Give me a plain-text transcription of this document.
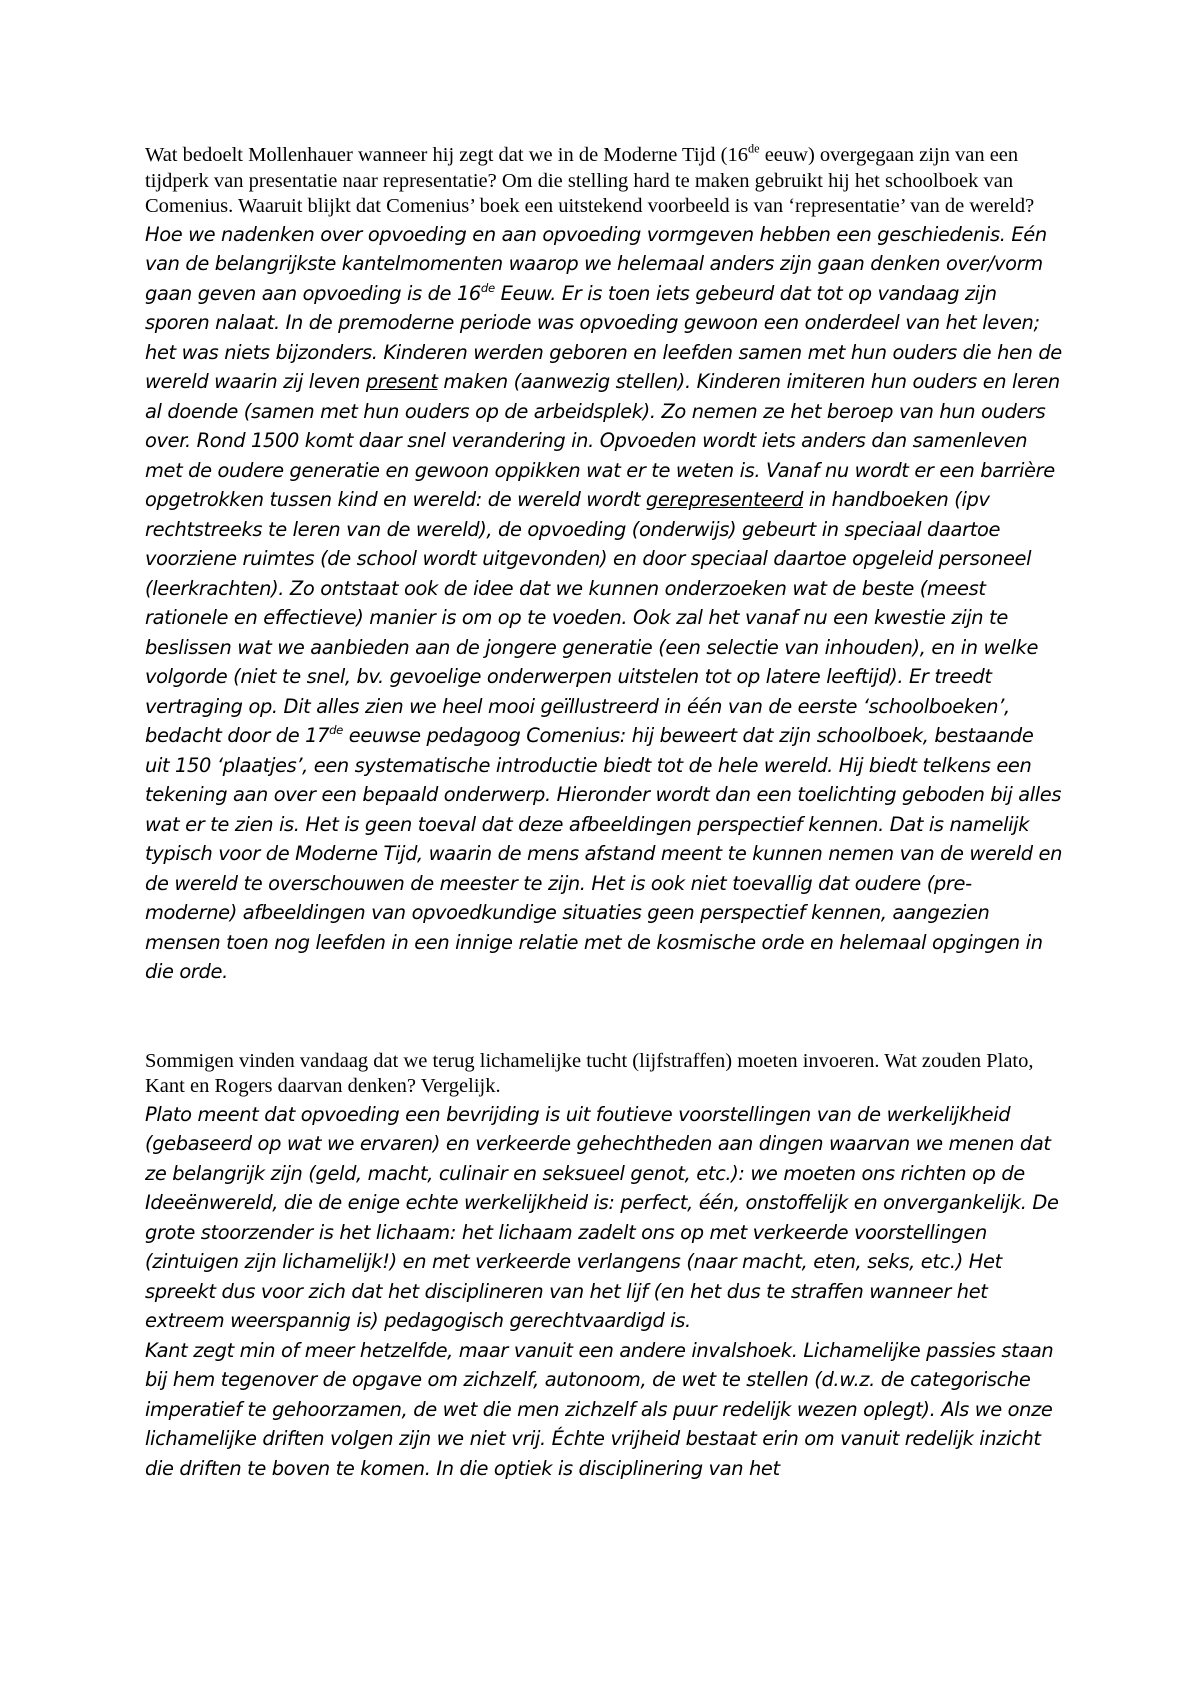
Wat bedoelt Mollenhauer wanneer hij zegt dat we in de Moderne Tijd (16de eeuw) overgegaan zijn van een tijdperk van presentatie naar representatie? Om die stelling hard te maken gebruikt hij het schoolboek van Comenius. Waaruit blijkt dat Comenius’ boek een uitstekend voorbeeld is van ‘representatie’ van de wereld?

Hoe we nadenken over opvoeding en aan opvoeding vormgeven hebben een geschiedenis. Eén van de belangrijkste kantelmomenten waarop we helemaal anders zijn gaan denken over/vorm gaan geven aan opvoeding is de 16de Eeuw. Er is toen iets gebeurd dat tot op vandaag zijn sporen nalaat. In de premoderne periode was opvoeding gewoon een onderdeel van het leven; het was niets bijzonders. Kinderen werden geboren en leefden samen met hun ouders die hen de wereld waarin zij leven present maken (aanwezig stellen). Kinderen imiteren hun ouders en leren al doende (samen met hun ouders op de arbeidsplek). Zo nemen ze het beroep van hun ouders over. Rond 1500 komt daar snel verandering in. Opvoeden wordt iets anders dan samenleven met de oudere generatie en gewoon oppikken wat er te weten is. Vanaf nu wordt er een barrière opgetrokken tussen kind en wereld: de wereld wordt gerepresenteerd in handboeken (ipv rechtstreeks te leren van de wereld), de opvoeding (onderwijs) gebeurt in speciaal daartoe voorziene ruimtes (de school wordt uitgevonden) en door speciaal daartoe opgeleid personeel (leerkrachten). Zo ontstaat ook de idee dat we kunnen onderzoeken wat de beste (meest rationele en effectieve) manier is om op te voeden. Ook zal het vanaf nu een kwestie zijn te beslissen wat we aanbieden aan de jongere generatie (een selectie van inhouden), en in welke volgorde (niet te snel, bv. gevoelige onderwerpen uitstelen tot op latere leeftijd). Er treedt vertraging op. Dit alles zien we heel mooi geïllustreerd in één van de eerste ‘schoolboeken’, bedacht door de 17de eeuwse pedagoog Comenius: hij beweert dat zijn schoolboek, bestaande uit 150 ‘plaatjes’, een systematische introductie biedt tot de hele wereld. Hij biedt telkens een tekening aan over een bepaald onderwerp. Hieronder wordt dan een toelichting geboden bij alles wat er te zien is. Het is geen toeval dat deze afbeeldingen perspectief kennen. Dat is namelijk typisch voor de Moderne Tijd, waarin de mens afstand meent te kunnen nemen van de wereld en de wereld te overschouwen de meester te zijn. Het is ook niet toevallig dat oudere (pre-moderne) afbeeldingen van opvoedkundige situaties geen perspectief kennen, aangezien mensen toen nog leefden in een innige relatie met de kosmische orde en helemaal opgingen in die orde.

Sommigen vinden vandaag dat we terug lichamelijke tucht (lijfstraffen) moeten invoeren. Wat zouden Plato, Kant en Rogers daarvan denken? Vergelijk.

Plato meent dat opvoeding een bevrijding is uit foutieve voorstellingen van de werkelijkheid (gebaseerd op wat we ervaren) en verkeerde gehechtheden aan dingen waarvan we menen dat ze belangrijk zijn (geld, macht, culinair en seksueel genot, etc.): we moeten ons richten op de Ideeënwereld, die de enige echte werkelijkheid is: perfect, één, onstoffelijk en onvergankelijk. De grote stoorzender is het lichaam: het lichaam zadelt ons op met verkeerde voorstellingen (zintuigen zijn lichamelijk!) en met verkeerde verlangens (naar macht, eten, seks, etc.) Het spreekt dus voor zich dat het disciplineren van het lijf (en het dus te straffen wanneer het extreem weerspannig is) pedagogisch gerechtvaardigd is.

Kant zegt min of meer hetzelfde, maar vanuit een andere invalshoek. Lichamelijke passies staan bij hem tegenover de opgave om zichzelf, autonoom, de wet te stellen (d.w.z. de categorische imperatief te gehoorzamen, de wet die men zichzelf als puur redelijk wezen oplegt). Als we onze lichamelijke driften volgen zijn we niet vrij. Échte vrijheid bestaat erin om vanuit redelijk inzicht die driften te boven te komen. In die optiek is disciplinering van het
